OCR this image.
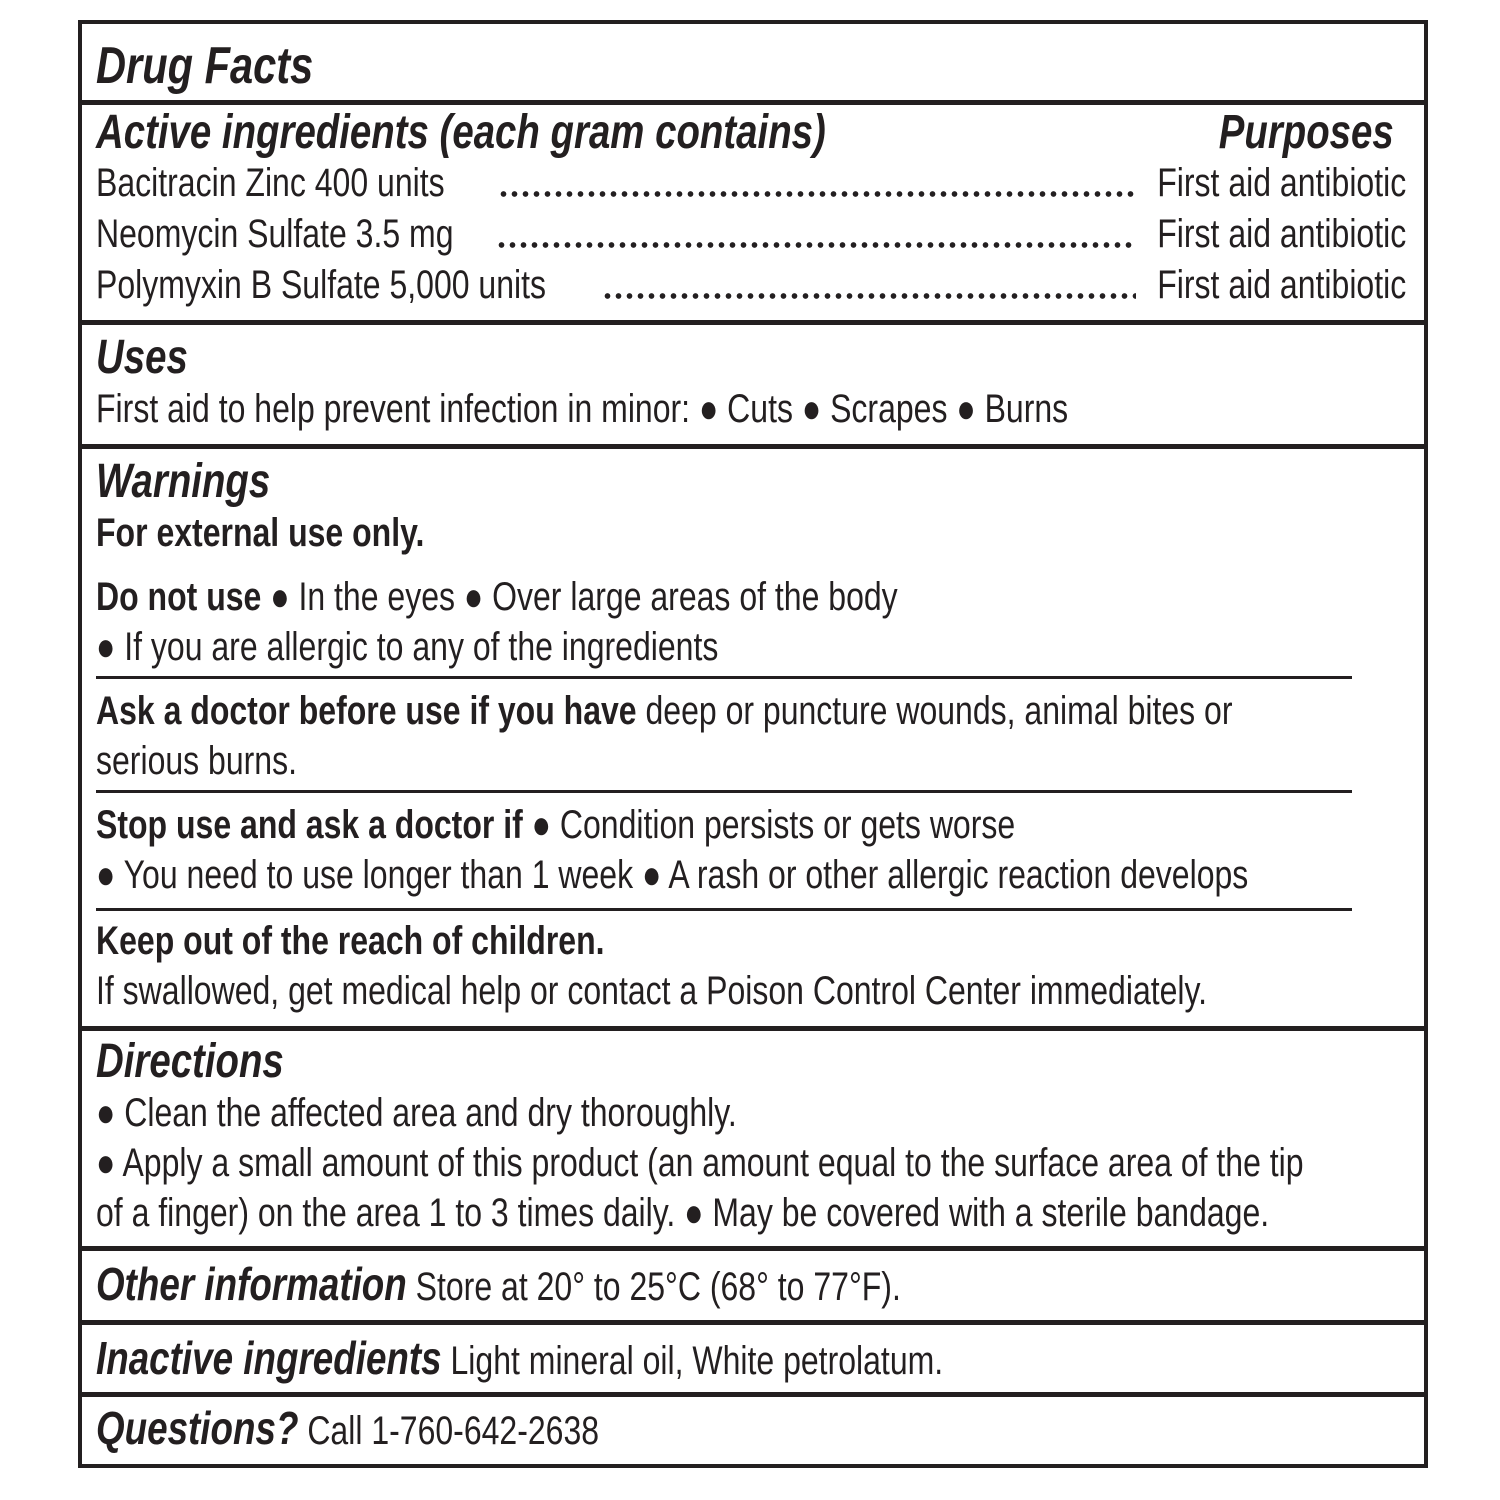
Drug Facts
Active ingredients (each gram contains)	Purposes
Bacitracin Zinc 400 units	First aid antibiotic
Neomycin Sulfate 3.5 mg	First aid antibiotic
Polymyxin B Sulfate 5,000 units	First aid antibiotic
Uses
First aid to help prevent infection in minor: ● Cuts ● Scrapes ● Burns
Warnings
For external use only.
Do not use ● In the eyes ● Over large areas of the body
● If you are allergic to any of the ingredients
Ask a doctor before use if you have deep or puncture wounds, animal bites or
serious burns.
Stop use and ask a doctor if ● Condition persists or gets worse
● You need to use longer than 1 week ● A rash or other allergic reaction develops
Keep out of the reach of children.
If swallowed, get medical help or contact a Poison Control Center immediately.
Directions
● Clean the affected area and dry thoroughly.
● Apply a small amount of this product (an amount equal to the surface area of the tip
of a finger) on the area 1 to 3 times daily. ● May be covered with a sterile bandage.
Other information Store at 20° to 25°C (68° to 77°F).
Inactive ingredients Light mineral oil, White petrolatum.
Questions? Call 1-760-642-2638
